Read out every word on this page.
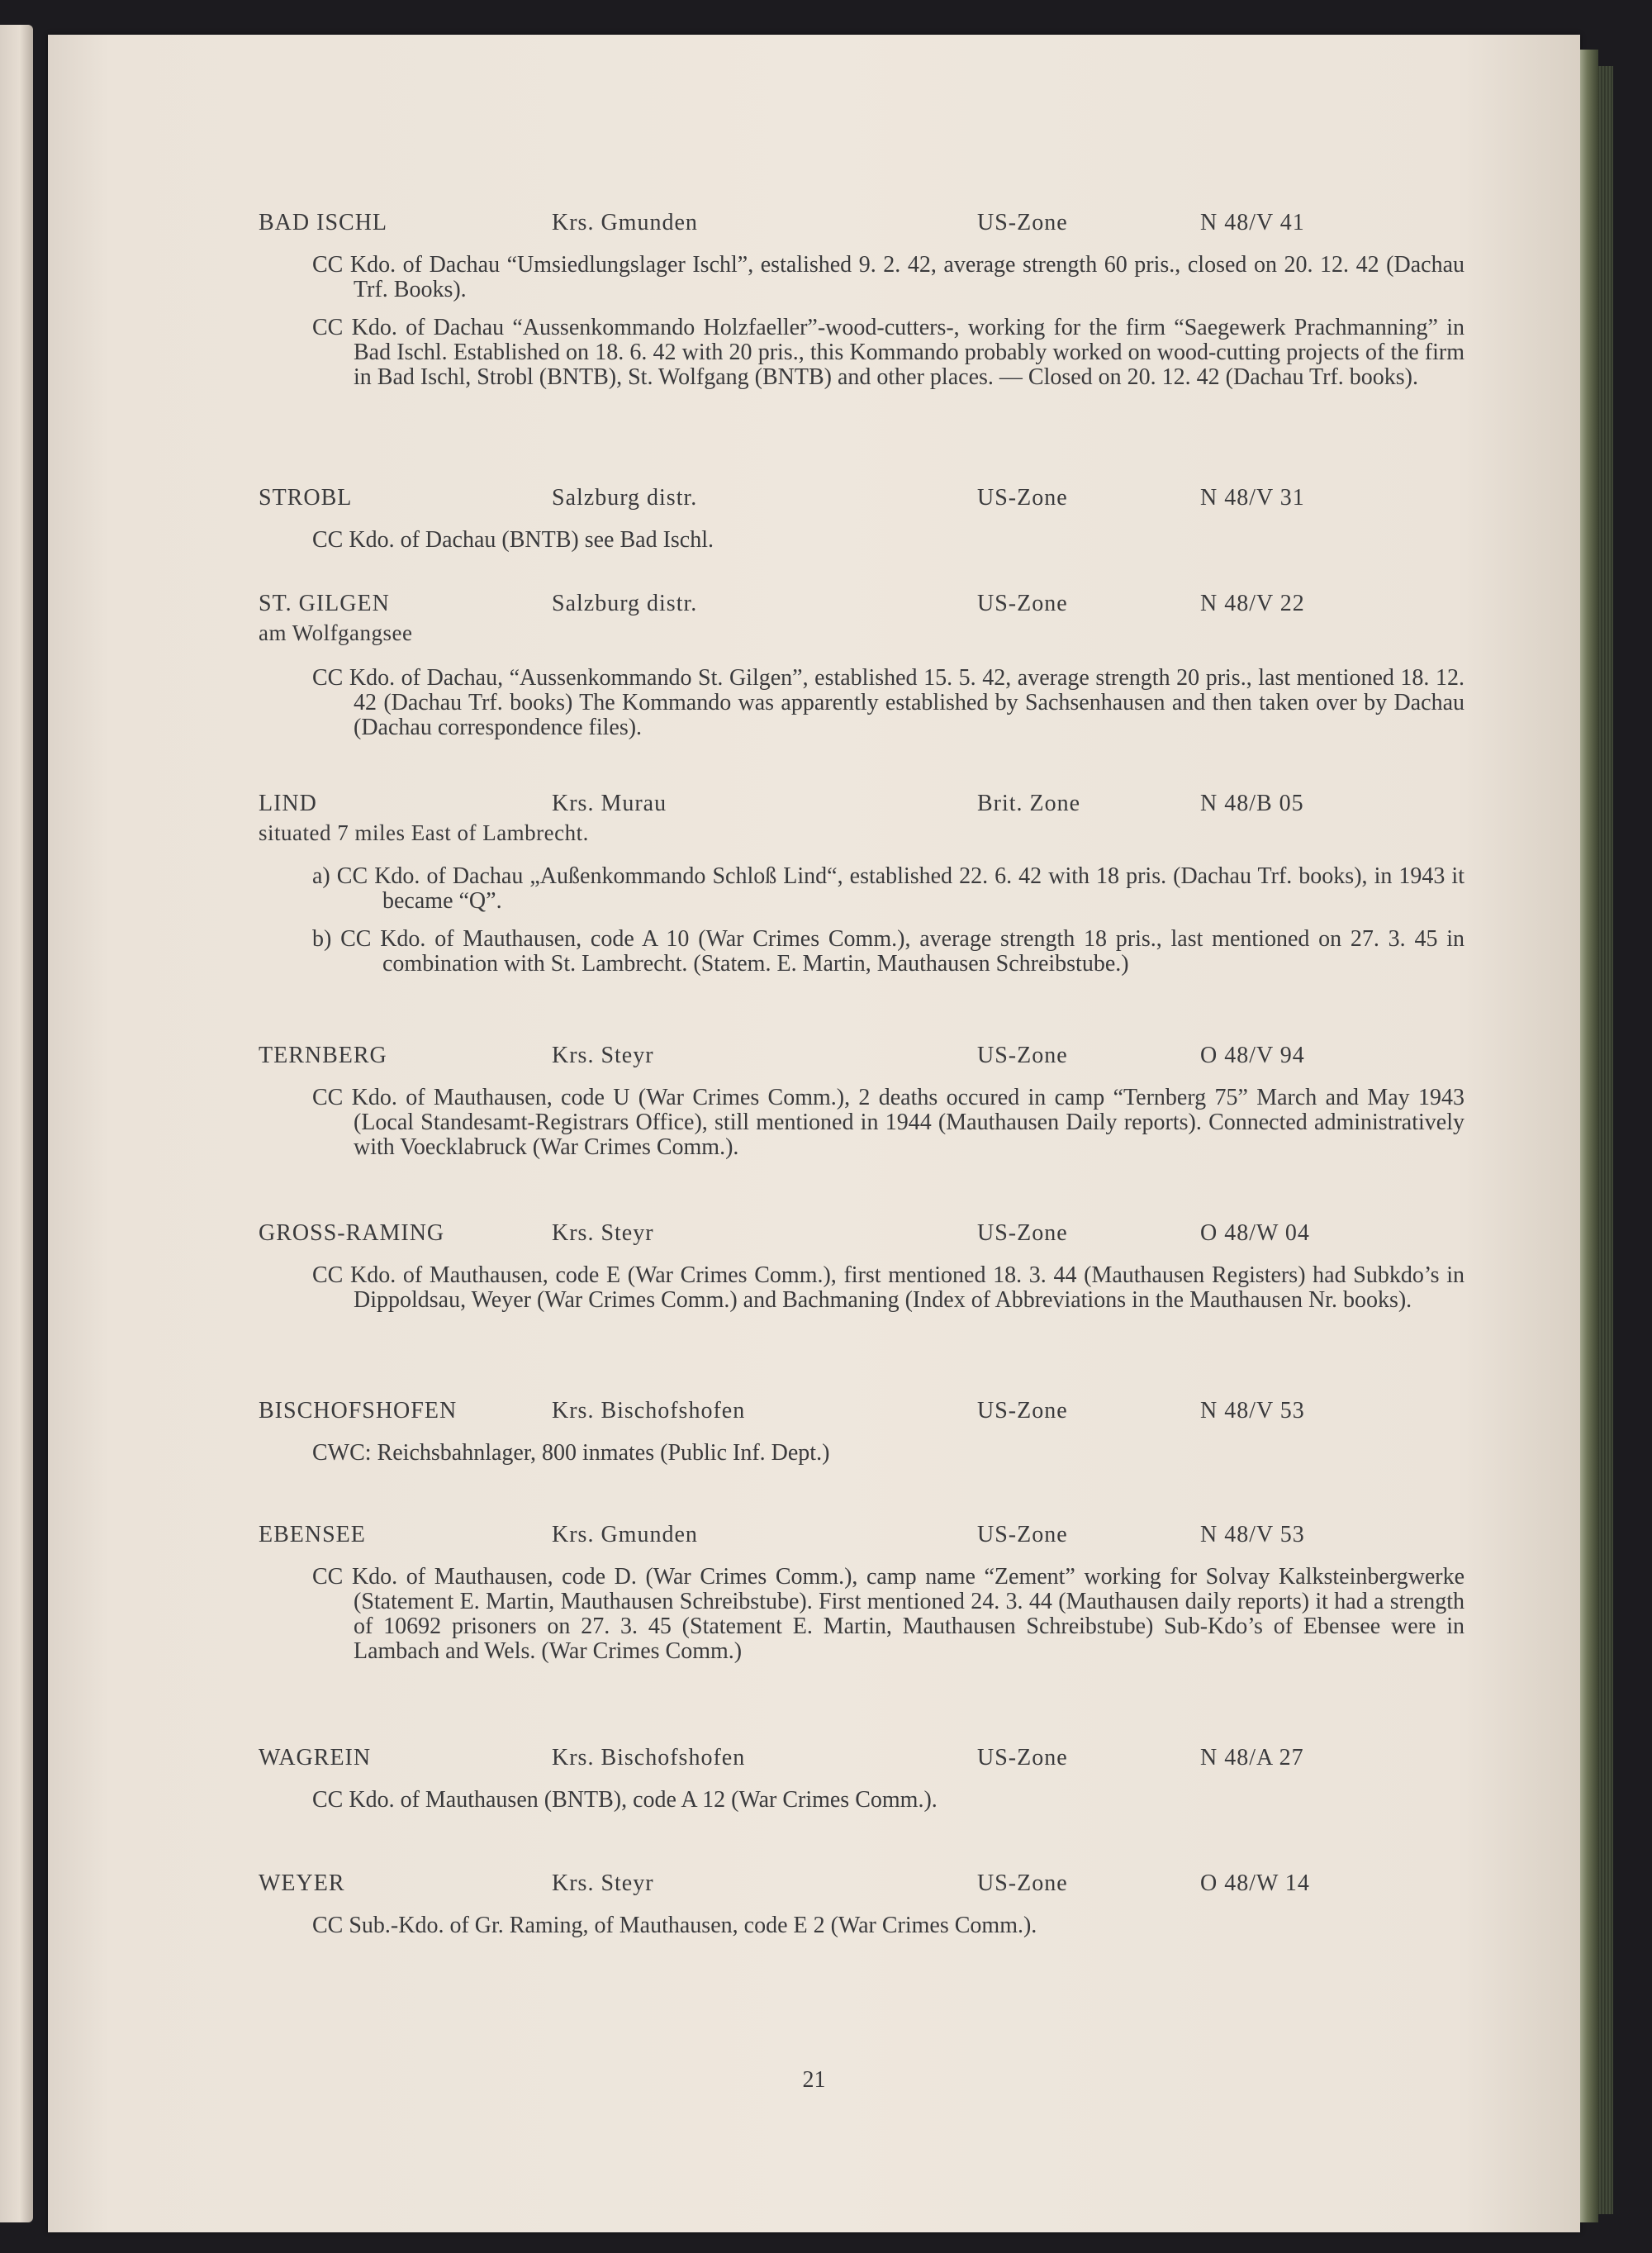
BAD ISCHL	Krs. Gmunden	US-Zone	N 48/V 41
CC Kdo. of Dachau “Umsiedlungslager Ischl”, estalished 9. 2. 42, average strength 60 pris., closed on 20. 12. 42 (Dachau Trf. Books).
CC Kdo. of Dachau “Aussenkommando Holzfaeller”-wood-cutters-, working for the firm “Saegewerk Prachmanning” in Bad Ischl. Established on 18. 6. 42 with 20 pris., this Kommando probably worked on wood-cutting projects of the firm in Bad Ischl, Strobl (BNTB), St. Wolfgang (BNTB) and other places. — Closed on 20. 12. 42 (Dachau Trf. books).
STROBL	Salzburg distr.	US-Zone	N 48/V 31
CC Kdo. of Dachau (BNTB) see Bad Ischl.
ST. GILGEN	Salzburg distr.	US-Zone	N 48/V 22
am Wolfgangsee
CC Kdo. of Dachau, “Aussenkommando St. Gilgen”, established 15. 5. 42, average strength 20 pris., last mentioned 18. 12. 42 (Dachau Trf. books) The Kommando was apparently established by Sachsenhausen and then taken over by Dachau (Dachau correspondence files).
LIND	Krs. Murau	Brit. Zone	N 48/B 05
situated 7 miles East of Lambrecht.
a) CC Kdo. of Dachau „Außenkommando Schloß Lind“, established 22. 6. 42 with 18 pris. (Dachau Trf. books), in 1943 it became “Q”.
b) CC Kdo. of Mauthausen, code A 10 (War Crimes Comm.), average strength 18 pris., last mentioned on 27. 3. 45 in combination with St. Lambrecht. (Statem. E. Martin, Mauthausen Schreibstube.)
TERNBERG	Krs. Steyr	US-Zone	O 48/V 94
CC Kdo. of Mauthausen, code U (War Crimes Comm.), 2 deaths occured in camp “Ternberg 75” March and May 1943 (Local Standesamt-Registrars Office), still mentioned in 1944 (Mauthausen Daily reports). Connected administratively with Voecklabruck (War Crimes Comm.).
GROSS-RAMING	Krs. Steyr	US-Zone	O 48/W 04
CC Kdo. of Mauthausen, code E (War Crimes Comm.), first mentioned 18. 3. 44 (Mauthausen Registers) had Subkdo’s in Dippoldsau, Weyer (War Crimes Comm.) and Bachmaning (Index of Abbreviations in the Mauthausen Nr. books).
BISCHOFSHOFEN	Krs. Bischofshofen	US-Zone	N 48/V 53
CWC: Reichsbahnlager, 800 inmates (Public Inf. Dept.)
EBENSEE	Krs. Gmunden	US-Zone	N 48/V 53
CC Kdo. of Mauthausen, code D. (War Crimes Comm.), camp name “Zement” working for Solvay Kalksteinbergwerke (Statement E. Martin, Mauthausen Schreibstube). First mentioned 24. 3. 44 (Mauthausen daily reports) it had a strength of 10692 prisoners on 27. 3. 45 (Statement E. Martin, Mauthausen Schreibstube) Sub-Kdo’s of Ebensee were in Lambach and Wels. (War Crimes Comm.)
WAGREIN	Krs. Bischofshofen	US-Zone	N 48/A 27
CC Kdo. of Mauthausen (BNTB), code A 12 (War Crimes Comm.).
WEYER	Krs. Steyr	US-Zone	O 48/W 14
CC Sub.-Kdo. of Gr. Raming, of Mauthausen, code E 2 (War Crimes Comm.).
21
